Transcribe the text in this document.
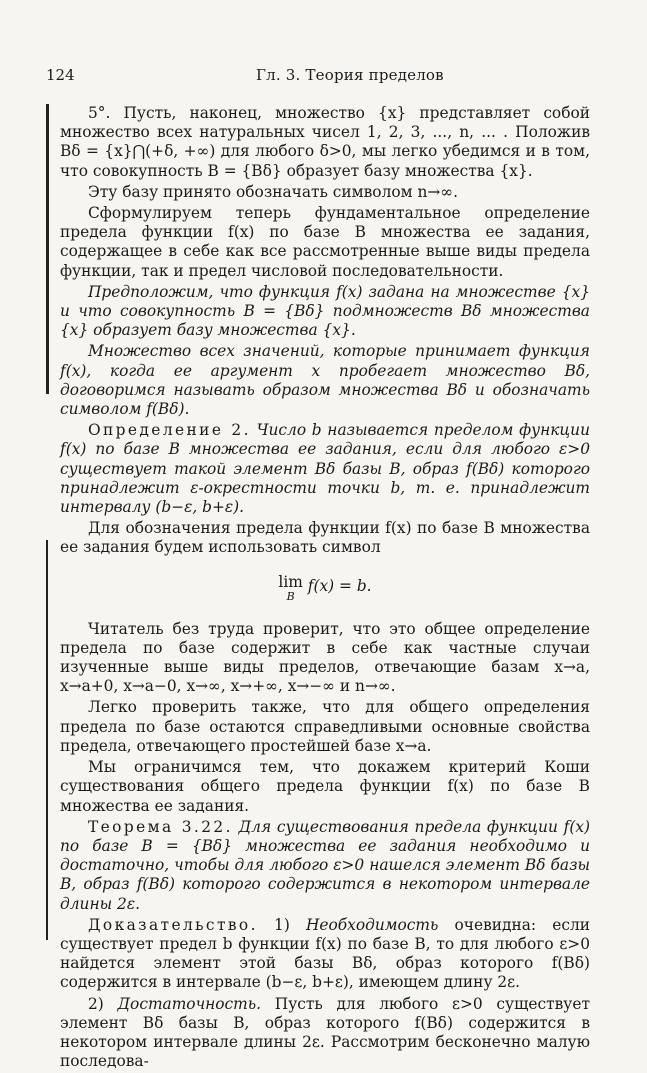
124	Гл. 3. Теория пределов

5°. Пусть, наконец, множество {x} представляет собой множество всех натуральных чисел 1, 2, 3, ..., n, ... . Положив Bδ = {x}⋂(+δ, +∞) для любого δ>0, мы легко убедимся и в том, что совокупность B = {Bδ} образует базу множества {x}.

Эту базу принято обозначать символом n→∞.

Сформулируем теперь фундаментальное определение предела функции f(x) по базе B множества ее задания, содержащее в себе как все рассмотренные выше виды предела функции, так и предел числовой последовательности.

Предположим, что функция f(x) задана на множестве {x} и что совокупность B = {Bδ} подмножеств Bδ множества {x} образует базу множества {x}.

Множество всех значений, которые принимает функция f(x), когда ее аргумент x пробегает множество Bδ, договоримся называть образом множества Bδ и обозначать символом f(Bδ).

Определение 2. Число b называется пределом функции f(x) по базе B множества ее задания, если для любого ε>0 существует такой элемент Bδ базы B, образ f(Bδ) которого принадлежит ε-окрестности точки b, т. е. принадлежит интервалу (b−ε, b+ε).

Для обозначения предела функции f(x) по базе B множества ее задания будем использовать символ

lim
B
f(x) = b.

Читатель без труда проверит, что это общее определение предела по базе содержит в себе как частные случаи изученные выше виды пределов, отвечающие базам x→a, x→a+0, x→a−0, x→∞, x→+∞, x→−∞ и n→∞.

Легко проверить также, что для общего определения предела по базе остаются справедливыми основные свойства предела, отвечающего простейшей базе x→a.

Мы ограничимся тем, что докажем критерий Коши существования общего предела функции f(x) по базе B множества ее задания.

Теорема 3.22. Для существования предела функции f(x) по базе B = {Bδ} множества ее задания необходимо и достаточно, чтобы для любого ε>0 нашелся элемент Bδ базы B, образ f(Bδ) которого содержится в некотором интервале длины 2ε.

Доказательство. 1) Необходимость очевидна: если существует предел b функции f(x) по базе B, то для любого ε>0 найдется элемент этой базы Bδ, образ которого f(Bδ) содержится в интервале (b−ε, b+ε), имеющем длину 2ε.

2) Достаточность. Пусть для любого ε>0 существует элемент Bδ базы B, образ которого f(Bδ) содержится в некотором интервале длины 2ε. Рассмотрим бесконечно малую последова-
